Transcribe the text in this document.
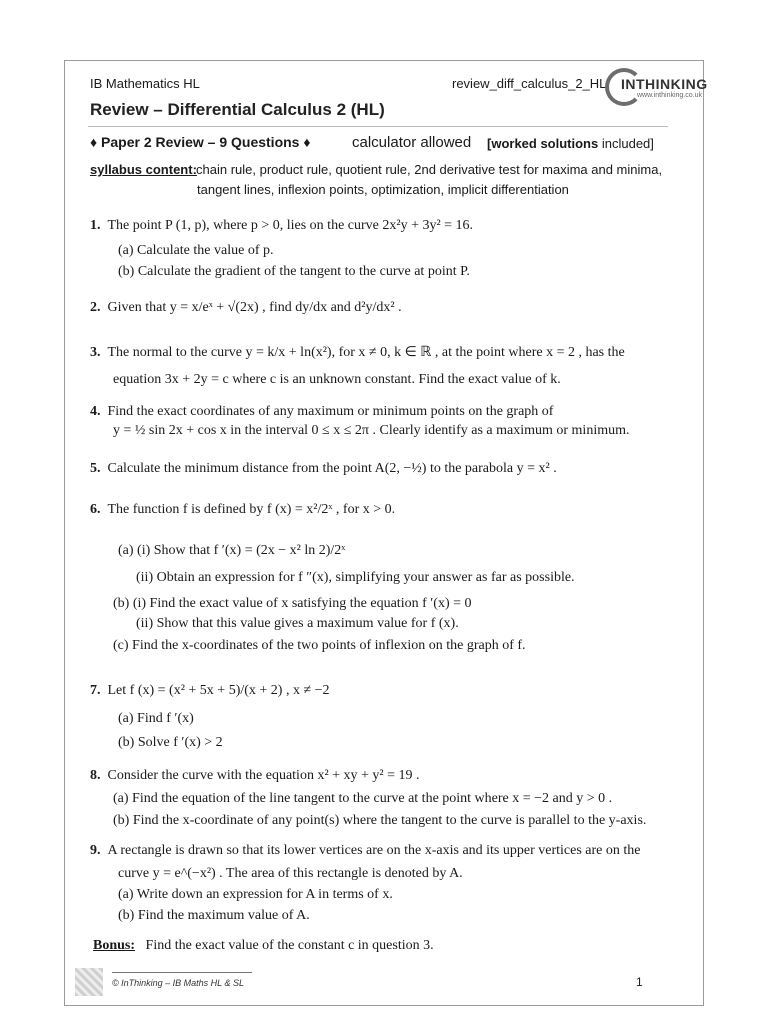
IB Mathematics HL	review_diff_calculus_2_HL INTHINKING
www.inthinking.co.uk
Review – Differential Calculus 2 (HL)
♦ Paper 2 Review – 9 Questions ♦	calculator allowed [worked solutions included]
syllabus content: chain rule, product rule, quotient rule, 2nd derivative test for maxima and minima,
tangent lines, inflexion points, optimization, implicit differentiation
1. The point P (1, p), where p > 0, lies on the curve 2x²y + 3y² = 16.
(a) Calculate the value of p.
(b) Calculate the gradient of the tangent to the curve at point P.
2. Given that y = x/eˣ + √(2x) , find dy/dx and d²y/dx² .
3. The normal to the curve y = k/x + ln(x²), for x ≠ 0, k ∈ ℝ , at the point where x = 2 , has the
equation 3x + 2y = c where c is an unknown constant. Find the exact value of k.
4. Find the exact coordinates of any maximum or minimum points on the graph of
y = ½ sin 2x + cos x in the interval 0 ≤ x ≤ 2π . Clearly identify as a maximum or minimum.
5. Calculate the minimum distance from the point A(2, −½) to the parabola y = x² .
6. The function f is defined by f (x) = x²/2ˣ , for x > 0.
(a) (i) Show that f ′(x) = (2x − x² ln 2)/2ˣ
(ii) Obtain an expression for f ″(x), simplifying your answer as far as possible.
(b) (i) Find the exact value of x satisfying the equation f ′(x) = 0
(ii) Show that this value gives a maximum value for f (x).
(c) Find the x-coordinates of the two points of inflexion on the graph of f.
7. Let f (x) = (x² + 5x + 5)/(x + 2) , x ≠ −2
(a) Find f ′(x)
(b) Solve f ′(x) > 2
8. Consider the curve with the equation x² + xy + y² = 19 .
(a) Find the equation of the line tangent to the curve at the point where x = −2 and y > 0 .
(b) Find the x-coordinate of any point(s) where the tangent to the curve is parallel to the y-axis.
9. A rectangle is drawn so that its lower vertices are on the x-axis and its upper vertices are on the
curve y = e^(−x²) . The area of this rectangle is denoted by A.
(a) Write down an expression for A in terms of x.
(b) Find the maximum value of A.
Bonus: Find the exact value of the constant c in question 3.
© InThinking – IB Maths HL & SL	1
